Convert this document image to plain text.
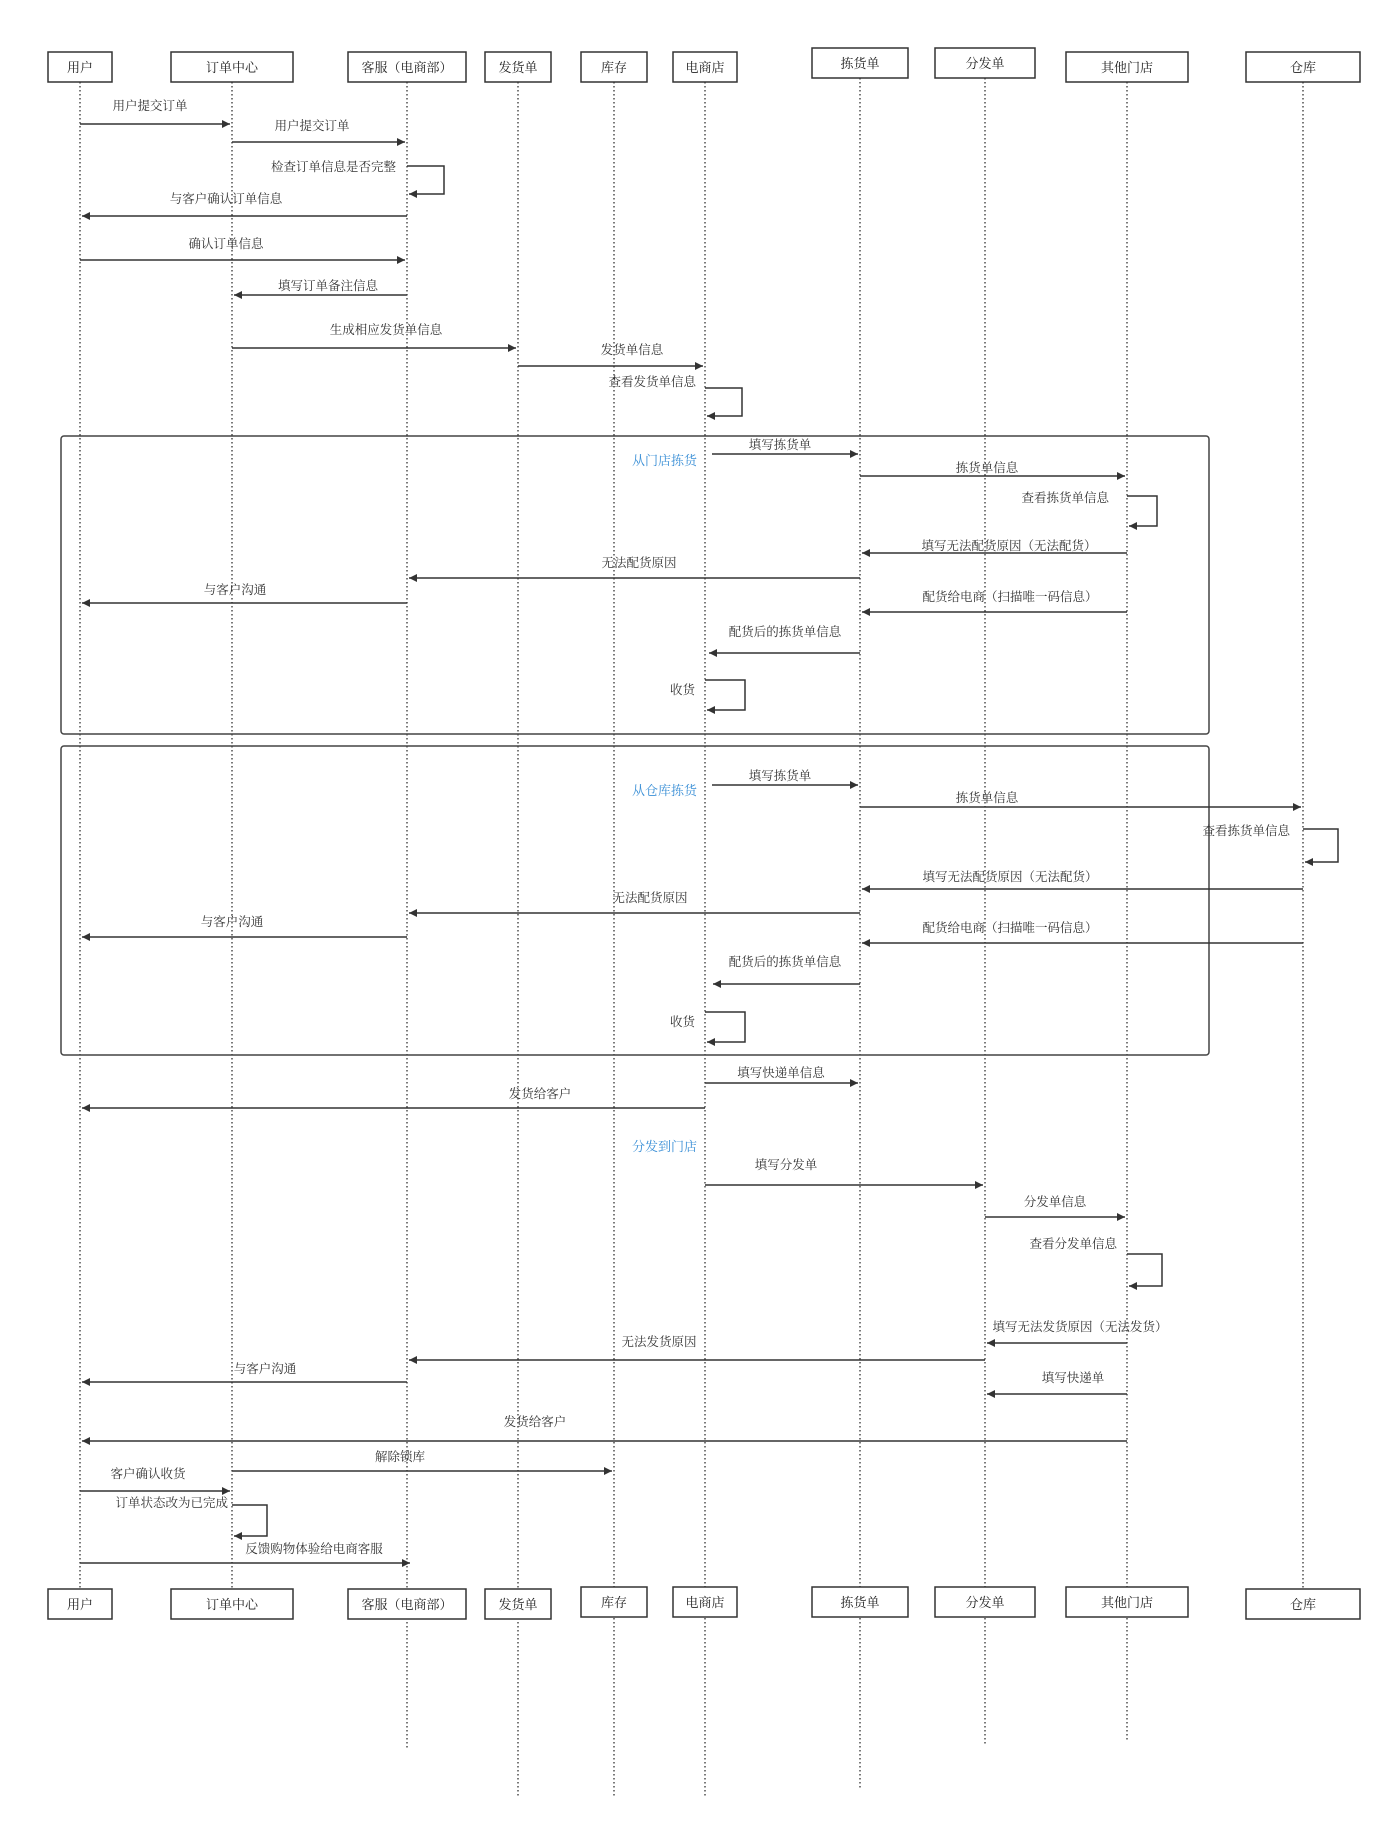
从门店拣货
从仓库拣货
分发到门店
用户提交订单
用户提交订单
检查订单信息是否完整
与客户确认订单信息
确认订单信息
填写订单备注信息
生成相应发货单信息
发货单信息
查看发货单信息
填写拣货单
拣货单信息
查看拣货单信息
填写无法配货原因（无法配货）
无法配货原因
与客户沟通	配货给电商（扫描唯一码信息）
配货后的拣货单信息
收货
填写拣货单
拣货单信息
查看拣货单信息
填写无法配货原因（无法配货）
无法配货原因
与客户沟通	配货给电商（扫描唯一码信息）
配货后的拣货单信息
收货
填写快递单信息
发货给客户
填写分发单
分发单信息
查看分发单信息
填写无法发货原因（无法发货）
无法发货原因
与客户沟通
填写快递单
发货给客户
解除锁库
客户确认收货
订单状态改为已完成
反馈购物体验给电商客服
用户
用户
订单中心
订单中心
客服（电商部）
客服（电商部）
发货单
发货单
库存
库存
电商店
电商店
拣货单
拣货单
分发单
分发单
其他门店
其他门店
仓库
仓库
